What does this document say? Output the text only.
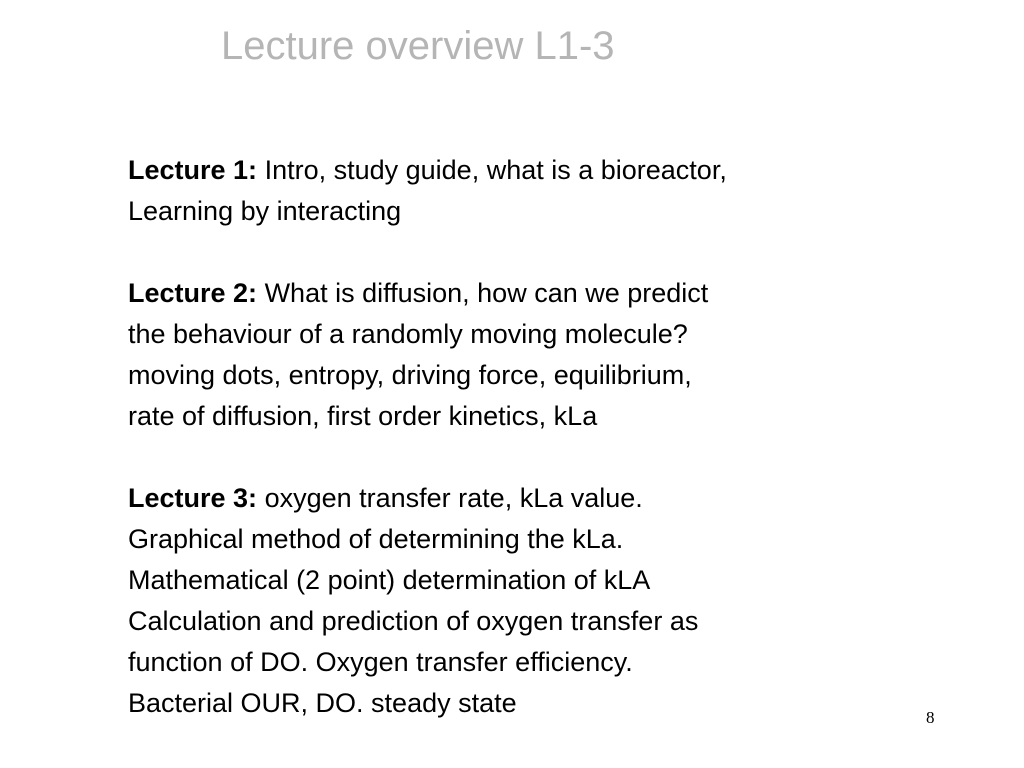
Lecture overview L1-3
Lecture 1: Intro, study guide, what is a bioreactor,
Learning by interacting
Lecture 2: What is diffusion, how can we predict
the behaviour of a randomly moving molecule?
moving dots, entropy, driving force, equilibrium,
rate of diffusion, first order kinetics, kLa
Lecture 3: oxygen transfer rate, kLa value.
Graphical method of determining the kLa.
Mathematical (2 point) determination of kLA
Calculation and prediction of oxygen transfer as
function of DO. Oxygen transfer efficiency.
Bacterial OUR, DO. steady state	8
